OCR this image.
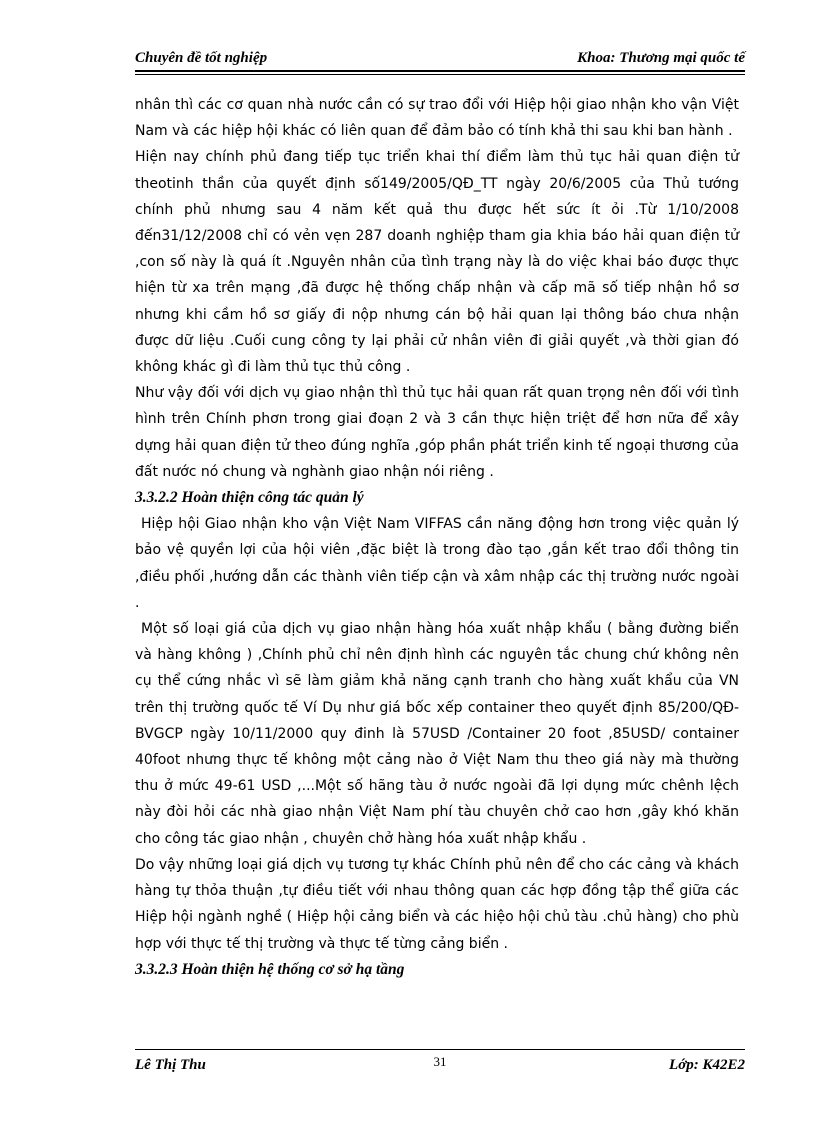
Chuyên đề tốt nghiệp	Khoa: Thương mại quốc tế

nhân thì các cơ quan nhà nước cần có sự trao đổi với Hiệp hội giao nhận kho vận Việt Nam và các hiệp hội khác có liên quan để đảm bảo có tính khả thi sau khi ban hành .

Hiện nay chính phủ đang tiếp tục triển khai thí điểm làm thủ tục hải quan điện tử theotinh thần của quyết định số149/2005/QĐ_TT ngày 20/6/2005 của Thủ tướng chính phủ nhưng sau 4 năm kết quả thu được hết sức ít ỏi .Từ 1/10/2008 đến31/12/2008 chỉ có vẻn vẹn 287 doanh nghiệp tham gia khia báo hải quan điện tử ,con số này là quá ít .Nguyên nhân của tình trạng này là do việc khai báo được thực hiện từ xa trên mạng ,đã được hệ thống chấp nhận và cấp mã số tiếp nhận hồ sơ nhưng khi cầm hồ sơ giấy đi nộp nhưng cán bộ hải quan lại thông báo chưa nhận được dữ liệu .Cuối cung công ty lại phải cử nhân viên đi giải quyết ,và thời gian đó không khác gì đi làm thủ tục thủ công .

Như vậy đối với dịch vụ giao nhận thì thủ tục hải quan rất quan trọng nên đối với tình hình trên Chính phơn trong giai đoạn 2 và 3 cần thực hiện triệt để hơn nữa để xây dựng hải quan điện tử theo đúng nghĩa ,góp phần phát triển kinh tế ngoại thương của đất nước nó chung và nghành giao nhận nói riêng .

3.3.2.2 Hoàn thiện công tác quản lý

Hiệp hội Giao nhận kho vận Việt Nam VIFFAS cần năng động hơn trong việc quản lý bảo vệ quyền lợi của hội viên ,đặc biệt là trong đào tạo ,gắn kết trao đổi thông tin ,điều phối ,hướng dẫn các thành viên tiếp cận và xâm nhập các thị trường nước ngoài .

Một số loại giá của dịch vụ giao nhận hàng hóa xuất nhập khẩu ( bằng đường biển và hàng không ) ,Chính phủ chỉ nên định hình các nguyên tắc chung chứ không nên cụ thể cứng nhắc vì sẽ làm giảm khả năng cạnh tranh cho hàng xuất khẩu của VN trên thị trường quốc tế Ví Dụ như giá bốc xếp container theo quyết định 85/200/QĐ-BVGCP ngày 10/11/2000 quy đinh là 57USD /Container 20 foot ,85USD/ container 40foot nhưng thực tế không một cảng nào ở Việt Nam thu theo giá này mà thường thu ở mức 49-61 USD ,...Một số hãng tàu ở nước ngoài đã lợi dụng mức chênh lệch này đòi hỏi các nhà giao nhận Việt Nam phí tàu chuyên chở cao hơn ,gây khó khăn cho công tác giao nhận , chuyên chở hàng hóa xuất nhập khẩu .

Do vậy những loại giá dịch vụ tương tự khác Chính phủ nên để cho các cảng và khách hàng tự thỏa thuận ,tự điều tiết với nhau thông quan các hợp đồng tập thể giữa các Hiệp hội ngành nghề ( Hiệp hội cảng biển và các hiệo hội chủ tàu .chủ hàng) cho phù hợp với thực tế thị trường và thực tế từng cảng biển .

3.3.2.3 Hoàn thiện hệ thống cơ sở hạ tầng
Lê Thị Thu	31	Lớp: K42E2
